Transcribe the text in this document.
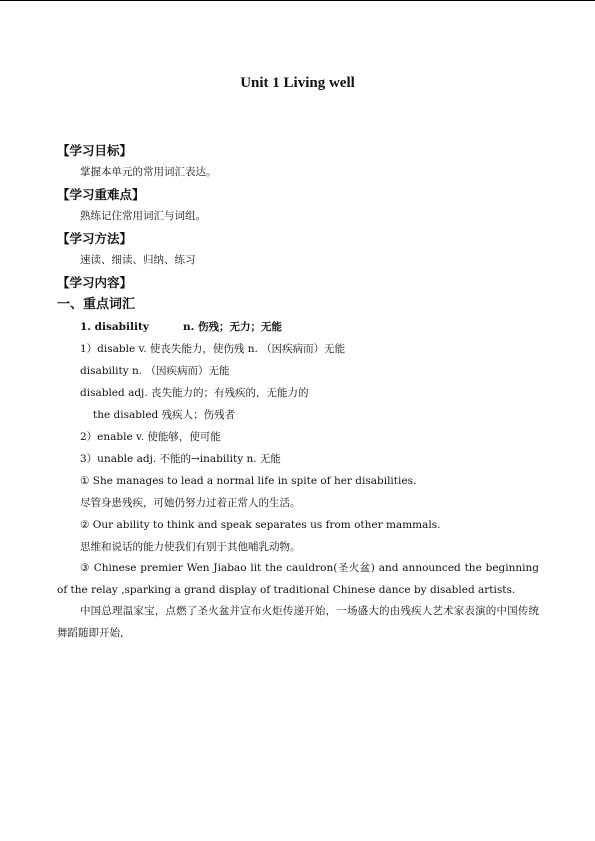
Unit 1 Living well
【学习目标】
掌握本单元的常用词汇表达。
【学习重难点】
熟练记住常用词汇与词组。
【学习方法】
速读、细读、归纳、练习
【学习内容】
一、重点词汇
1. disability	n. 伤残；无力；无能
1）disable v. 使丧失能力，使伤残 n. （因疾病而）无能
disability n. （因疾病而）无能
disabled adj. 丧失能力的；有残疾的，无能力的
the disabled 残疾人；伤残者
2）enable v. 使能够，使可能
3）unable adj. 不能的→inability n. 无能
① She manages to lead a normal life in spite of her disabilities.
尽管身患残疾，可她仍努力过着正常人的生活。
② Our ability to think and speak separates us from other mammals.
思维和说话的能力使我们有别于其他哺乳动物。
③ Chinese premier Wen Jiabao lit the cauldron(圣火盆) and announced the beginning of the relay ,sparking a grand display of traditional Chinese dance by disabled artists.
中国总理温家宝，点燃了圣火盆并宣布火炬传递开始，一场盛大的由残疾人艺术家表演的中国传统舞蹈随即开始，
